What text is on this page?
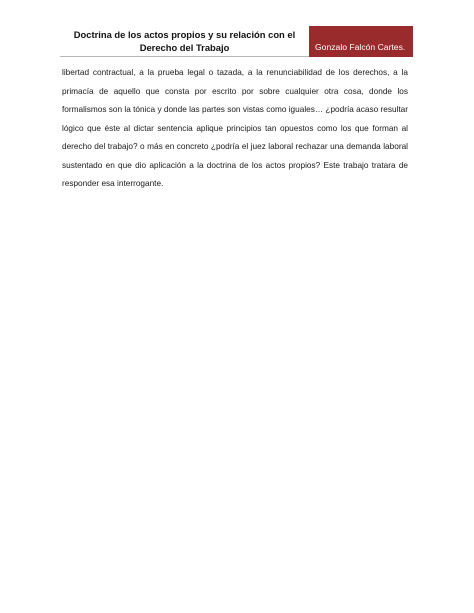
Doctrina de los actos propios y su relación con el Derecho del Trabajo	Gonzalo Falcón Cartes.

libertad contractual, a la prueba legal o tazada, a la renunciabilidad de los derechos, a la primacía de aquello que consta por escrito por sobre cualquier otra cosa, donde los formalismos son la tónica y donde las partes son vistas como iguales… ¿podría acaso resultar lógico que éste al dictar sentencia aplique principios tan opuestos como los que forman al derecho del trabajo? o más en concreto ¿podría el juez laboral rechazar una demanda laboral sustentado en que dio aplicación a la doctrina de los actos propios? Este trabajo tratara de responder esa interrogante.
